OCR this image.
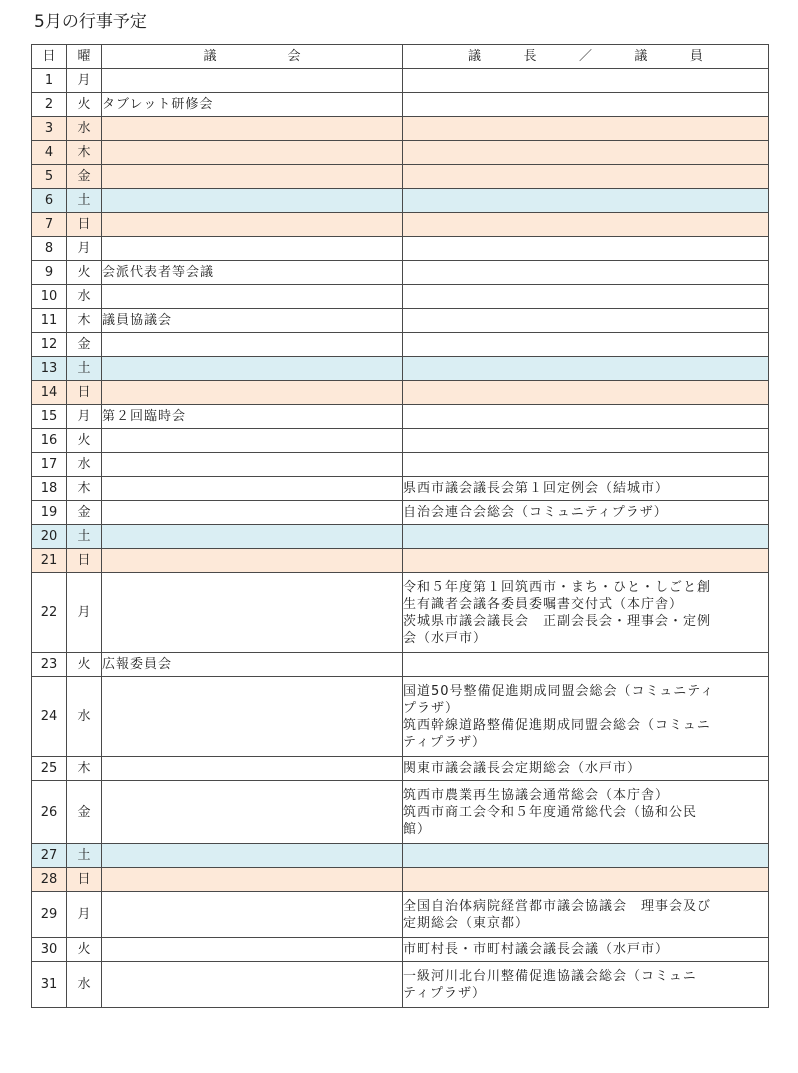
5月の行事予定
日	曜	議 会	議 長 ／ 議 員

1	月		
2	火	タブレット研修会	
3	水		
4	木		
5	金		
6	土		
7	日		
8	月		
9	火	会派代表者等会議	
10	水		
11	木	議員協議会	
12	金		
13	土		
14	日		
15	月	第２回臨時会	
16	火		
17	水		
18	木		県西市議会議長会第１回定例会（結城市）

19	金		自治会連合会総会（コミュニティプラザ）

20	土		
21	日		
22	月		令和５年度第１回筑西市・まち・ひと・しごと創
生有識者会議各委員委嘱書交付式（本庁舎）
茨城県市議会議長会　正副会長会・理事会・定例
会（水戸市）

23	火	広報委員会	
24	水		国道50号整備促進期成同盟会総会（コミュニティ
プラザ）
筑西幹線道路整備促進期成同盟会総会（コミュニ
ティプラザ）

25	木		関東市議会議長会定期総会（水戸市）

26	金		筑西市農業再生協議会通常総会（本庁舎）
筑西市商工会令和５年度通常総代会（協和公民
館）

27	土		
28	日		
29	月		全国自治体病院経営都市議会協議会　理事会及び
定期総会（東京都）

30	火		市町村長・市町村議会議長会議（水戸市）

31	水		一級河川北台川整備促進協議会総会（コミュニ
ティプラザ）
